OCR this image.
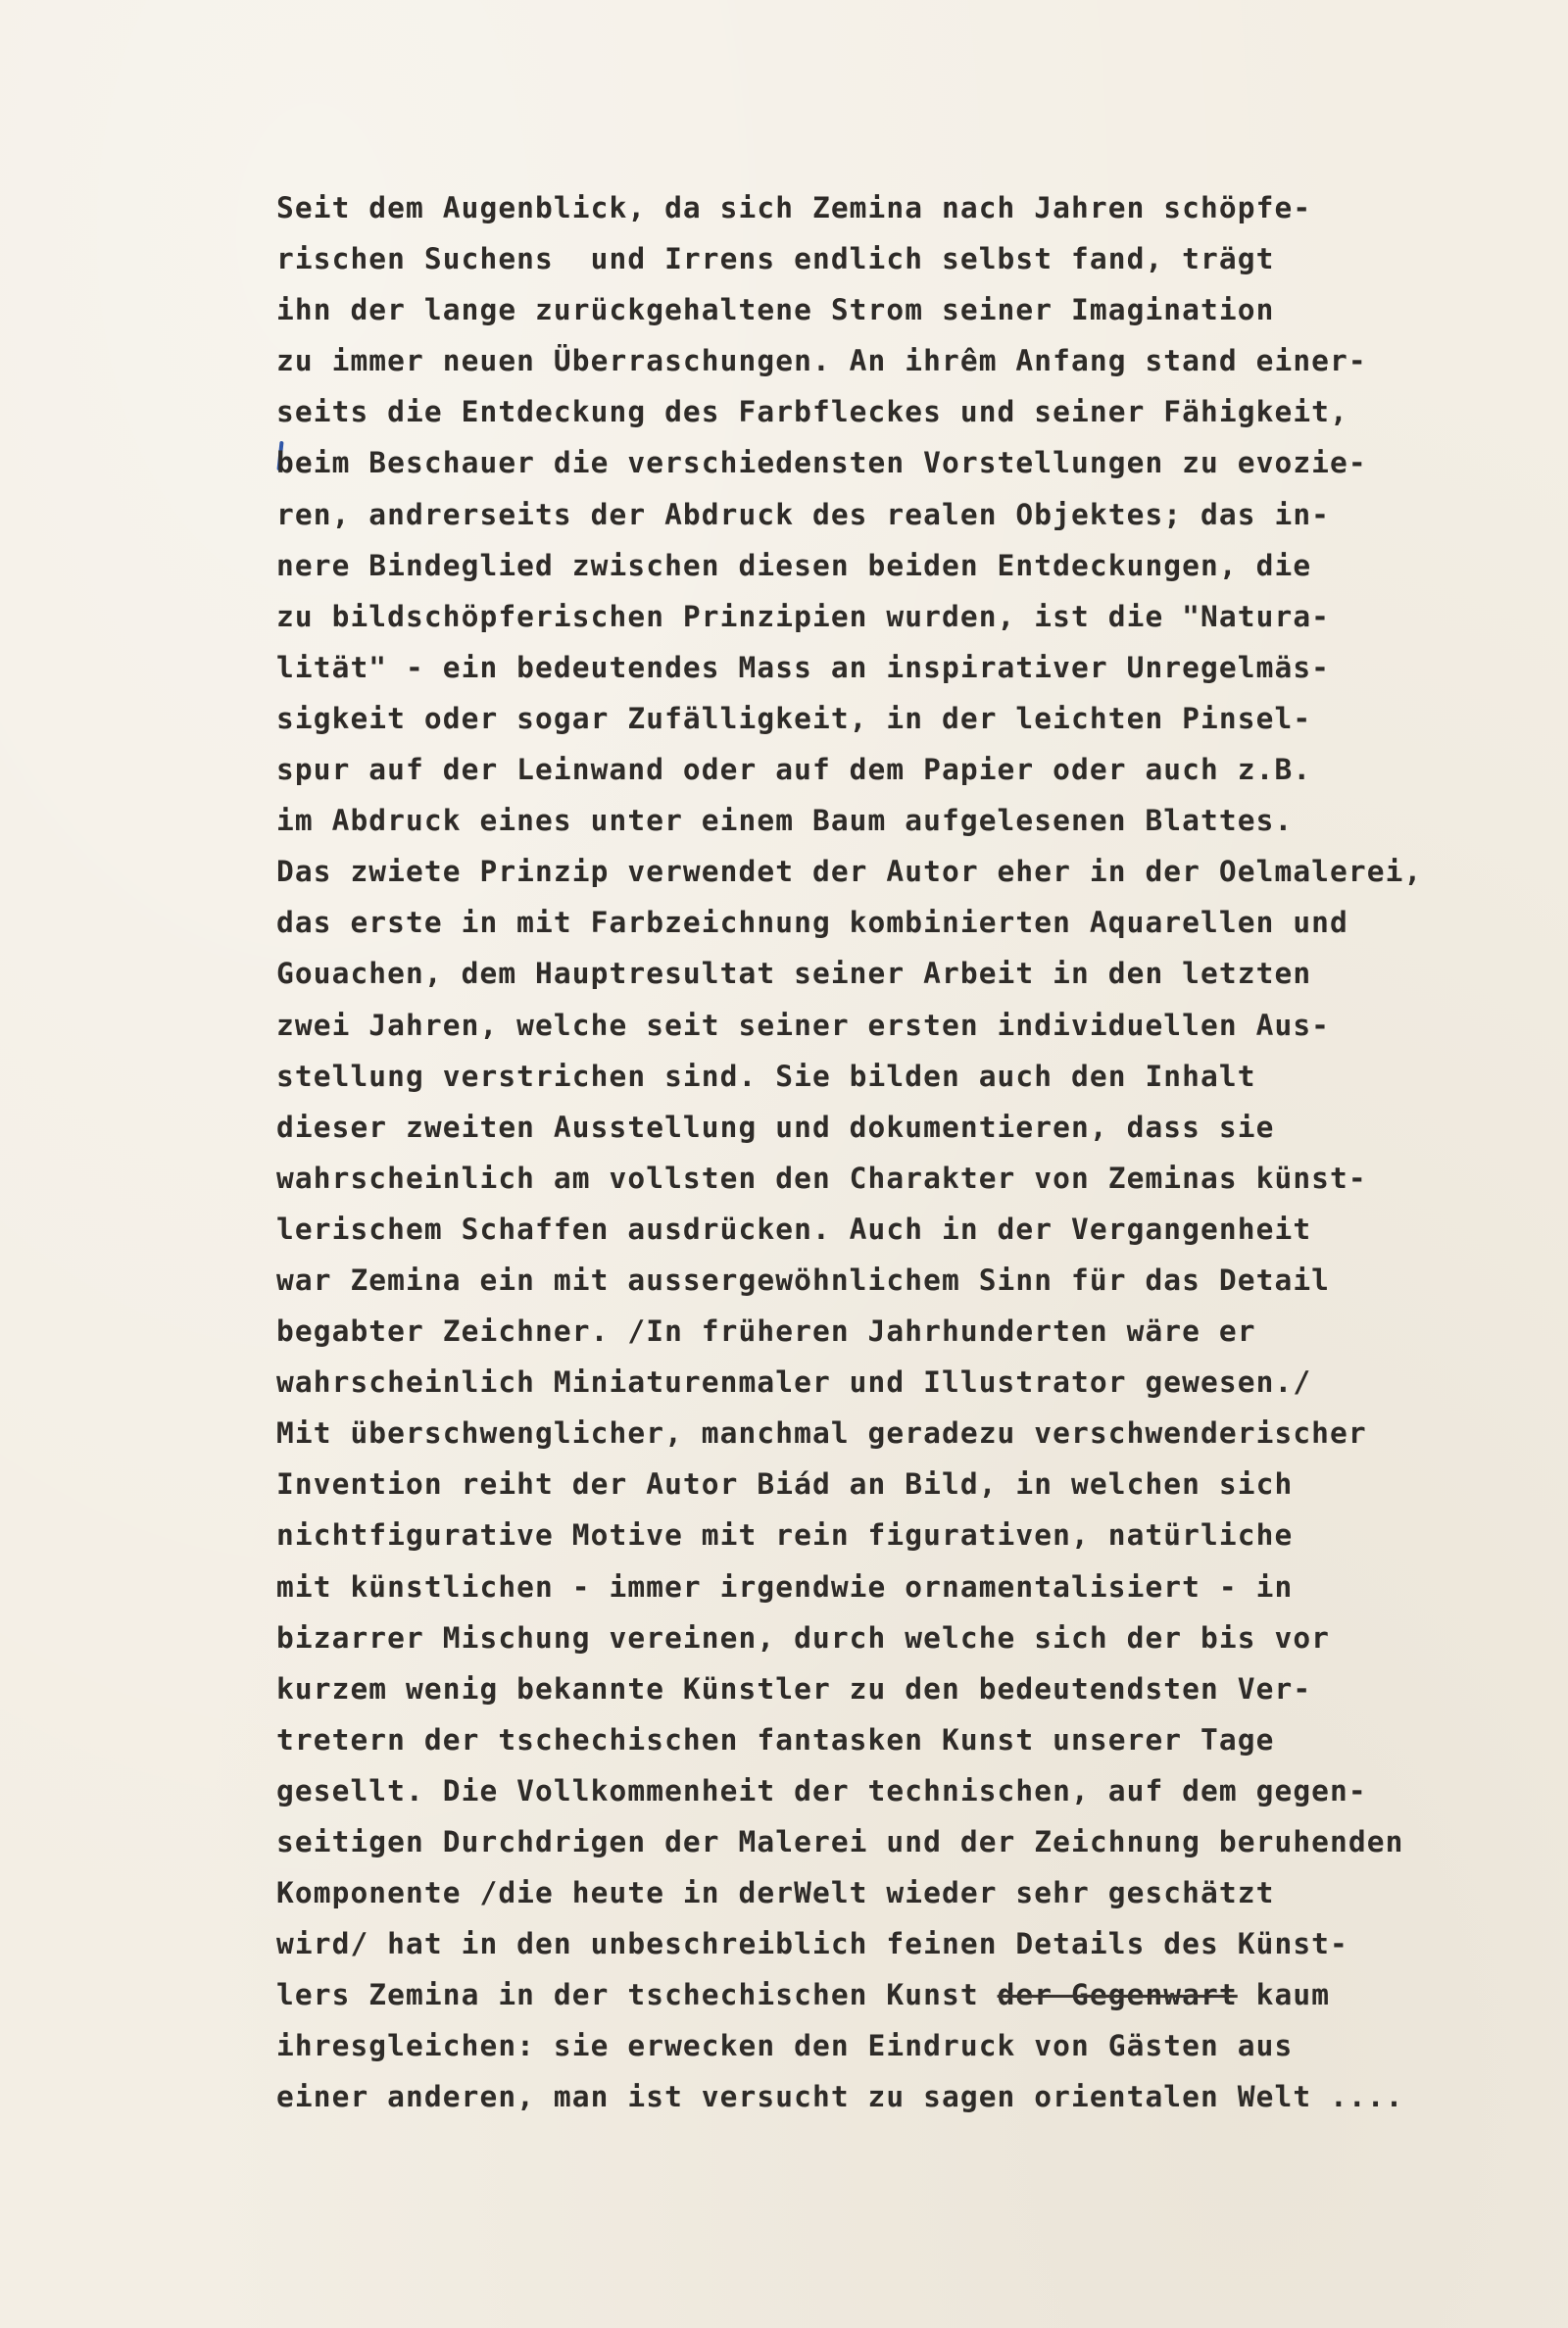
Seit dem Augenblick, da sich Zemina nach Jahren schöpfe-
rischen Suchens  und Irrens endlich selbst fand, trägt
ihn der lange zurückgehaltene Strom seiner Imagination
zu immer neuen Überraschungen. An ihrêm Anfang stand einer-
seits die Entdeckung des Farbfleckes und seiner Fähigkeit,
beim Beschauer die verschiedensten Vorstellungen zu evozie-
ren, andrerseits der Abdruck des realen Objektes; das in-
nere Bindeglied zwischen diesen beiden Entdeckungen, die
zu bildschöpferischen Prinzipien wurden, ist die "Natura-
lität" - ein bedeutendes Mass an inspirativer Unregelmäs-
sigkeit oder sogar Zufälligkeit, in der leichten Pinsel-
spur auf der Leinwand oder auf dem Papier oder auch z.B.
im Abdruck eines unter einem Baum aufgelesenen Blattes.
Das zwiete Prinzip verwendet der Autor eher in der Oelmalerei,
das erste in mit Farbzeichnung kombinierten Aquarellen und
Gouachen, dem Hauptresultat seiner Arbeit in den letzten
zwei Jahren, welche seit seiner ersten individuellen Aus-
stellung verstrichen sind. Sie bilden auch den Inhalt
dieser zweiten Ausstellung und dokumentieren, dass sie
wahrscheinlich am vollsten den Charakter von Zeminas künst-
lerischem Schaffen ausdrücken. Auch in der Vergangenheit
war Zemina ein mit aussergewöhnlichem Sinn für das Detail
begabter Zeichner. /In früheren Jahrhunderten wäre er
wahrscheinlich Miniaturenmaler und Illustrator gewesen./
Mit überschwenglicher, manchmal geradezu verschwenderischer
Invention reiht der Autor Biád an Bild, in welchen sich
nichtfigurative Motive mit rein figurativen, natürliche
mit künstlichen - immer irgendwie ornamentalisiert - in
bizarrer Mischung vereinen, durch welche sich der bis vor
kurzem wenig bekannte Künstler zu den bedeutendsten Ver-
tretern der tschechischen fantasken Kunst unserer Tage
gesellt. Die Vollkommenheit der technischen, auf dem gegen-
seitigen Durchdrigen der Malerei und der Zeichnung beruhenden
Komponente /die heute in derWelt wieder sehr geschätzt
wird/ hat in den unbeschreiblich feinen Details des Künst-
lers Zemina in der tschechischen Kunst der Gegenwart kaum
ihresgleichen: sie erwecken den Eindruck von Gästen aus
einer anderen, man ist versucht zu sagen orientalen Welt ....
